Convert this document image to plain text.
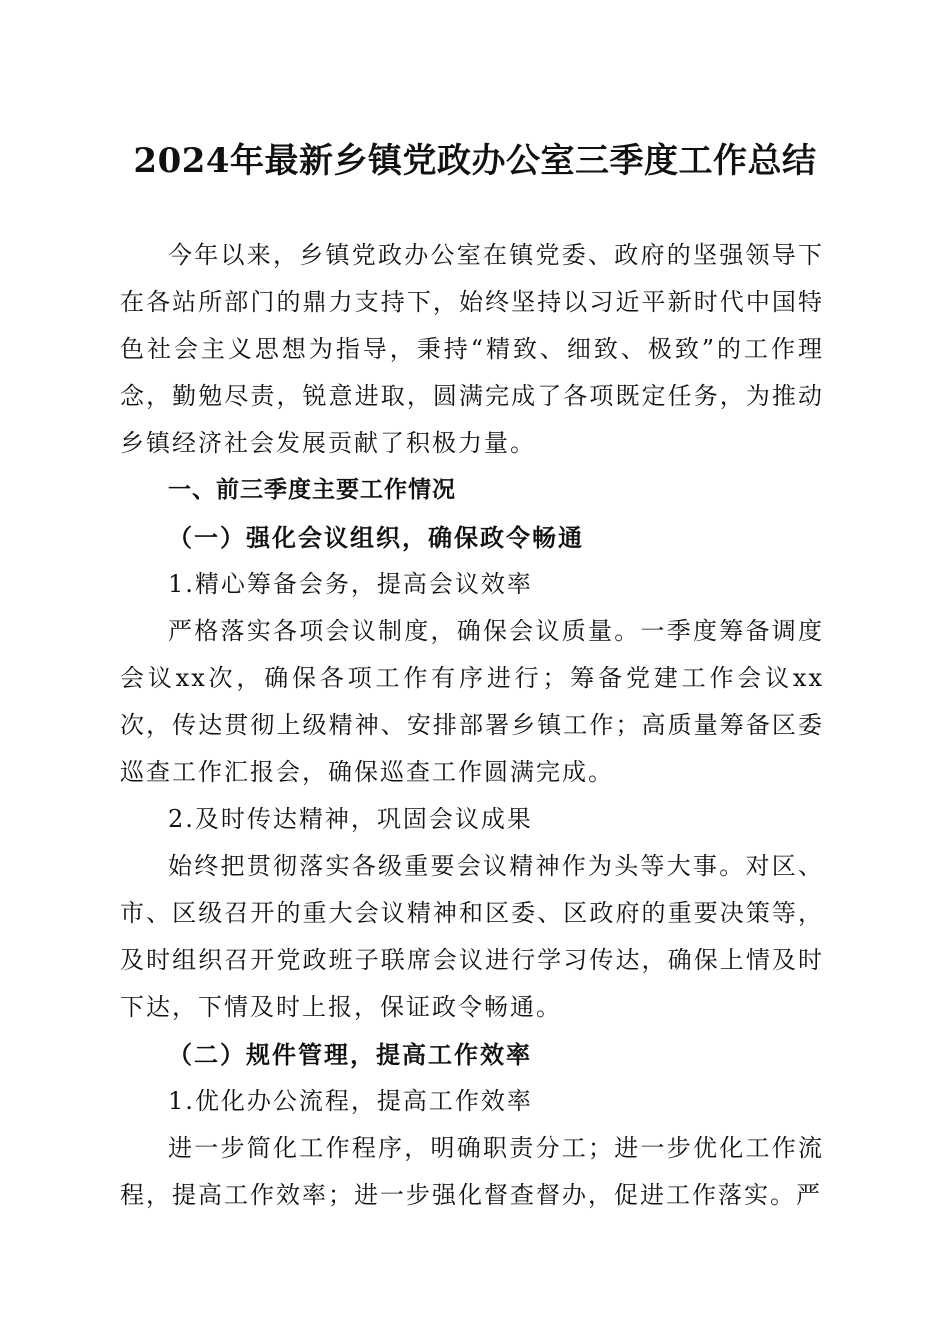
2024年最新乡镇党政办公室三季度工作总结

今年以来，乡镇党政办公室在镇党委、政府的坚强领导下在各站所部门的鼎力支持下，始终坚持以习近平新时代中国特色社会主义思想为指导，秉持“精致、细致、极致”的工作理念，勤勉尽责，锐意进取，圆满完成了各项既定任务，为推动乡镇经济社会发展贡献了积极力量。

一、前三季度主要工作情况

（一）强化会议组织，确保政令畅通

1.精心筹备会务，提高会议效率

严格落实各项会议制度，确保会议质量。一季度筹备调度会议xx次，确保各项工作有序进行；筹备党建工作会议xx次，传达贯彻上级精神、安排部署乡镇工作；高质量筹备区委巡查工作汇报会，确保巡查工作圆满完成。

2.及时传达精神，巩固会议成果

始终把贯彻落实各级重要会议精神作为头等大事。对区、市、区级召开的重大会议精神和区委、区政府的重要决策等，及时组织召开党政班子联席会议进行学习传达，确保上情及时下达，下情及时上报，保证政令畅通。

（二）规件管理，提高工作效率

1.优化办公流程，提高工作效率

进一步简化工作程序，明确职责分工；进一步优化工作流程，提高工作效率；进一步强化督查督办，促进工作落实。严
